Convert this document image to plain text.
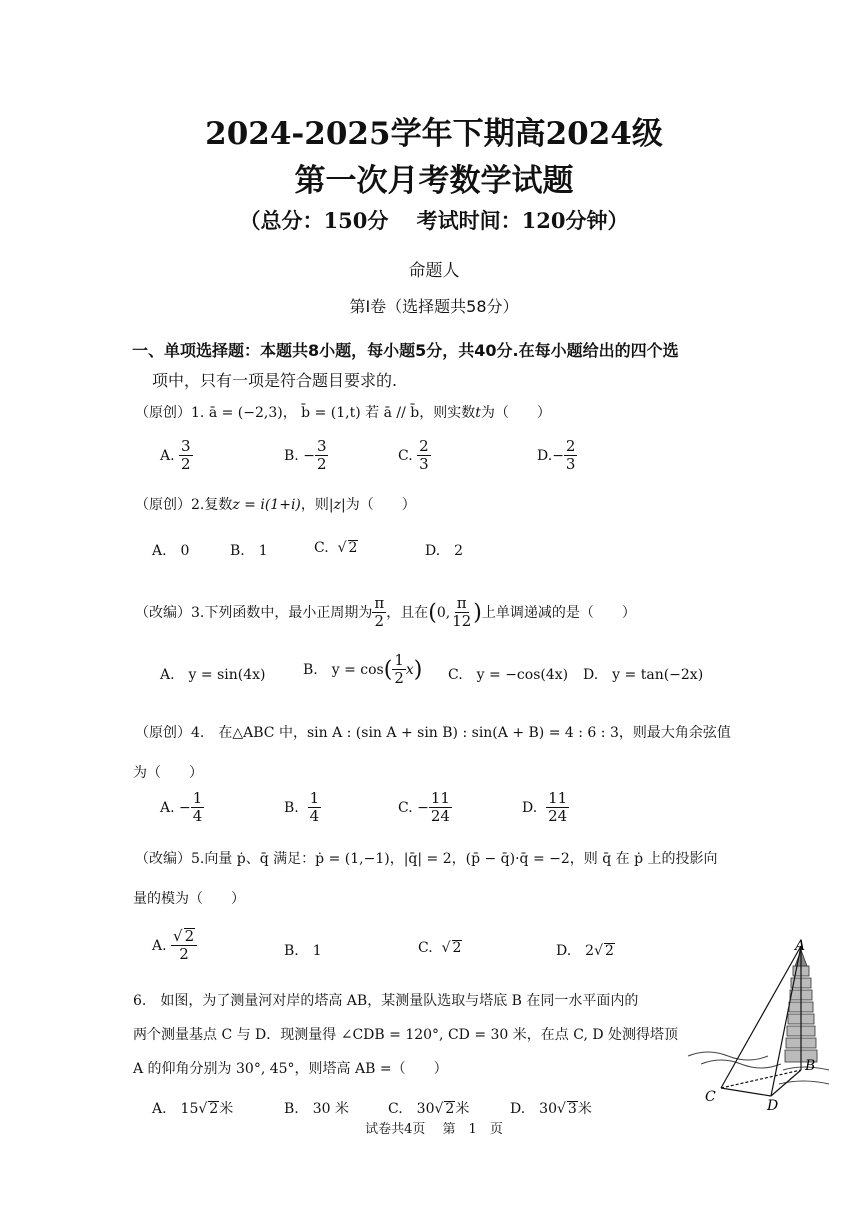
2024-2025学年下期高2024级
第一次月考数学试题
（总分：150分　 考试时间：120分钟）
命题人
第Ⅰ卷（选择题共58分）
一、单项选择题：本题共8小题，每小题5分，共40分.在每小题给出的四个选
项中，只有一项是符合题目要求的.
（原创）1. ā = (−2,3)， b̄ = (1,t) 若 ā // b̄，则实数t为（　　）
A. $\frac{3}{2}$	B. − $\frac{3}{2}$	C. $\frac{2}{3}$	$D.- \frac{2}{3}$
（原创）2.复数z = i(1+i)，则|z|为（　　）
A.　0	B.　1	C.  √ 2	D.　2
（改编）3.下列函数中，最小正周期为 $\frac{\pi}{2}$ ，且在(0, $\frac{\pi}{12}$ )上单调递减的是（　　）
A.　y = sin(4x)	B.　$y = \cos( \frac{1}{2} x)$ C.　y = −cos(4x) D.　y = tan(−2x)
（原创）4.　在△ABC 中，sin A : (sin A + sin B) : sin(A + B) = 4 : 6 : 3，则最大角余弦值
为（　　）
A. − $\frac{1}{4}$	B. $\frac{1}{4}$	C. − $\frac{11}{24}$	D. $\frac{11}{24}$
（改编）5.向量 ṗ、q̄ 满足：ṗ = (1,−1)，|q̄| = 2，(p̄ − q̄)·q̄ = −2，则 q̄ 在 ṗ 上的投影向
量的模为（　　）
A. $\frac{√ 2}{2}$	B.　1	C.  √ 2	D.　2√ 2
6.　如图，为了测量河对岸的塔高 AB，某测量队选取与塔底 B 在同一水平面内的
两个测量基点 C 与 D．现测量得 ∠CDB = 120°, CD = 30 米，在点 C, D 处测得塔顶
A 的仰角分别为 30°, 45°，则塔高 AB =（　　）
A.　15√ 2米	B.　30 米	C.　30√ 2米	D.　30√ 3米
A
B
C
D
试卷共4页　 第　1　页
